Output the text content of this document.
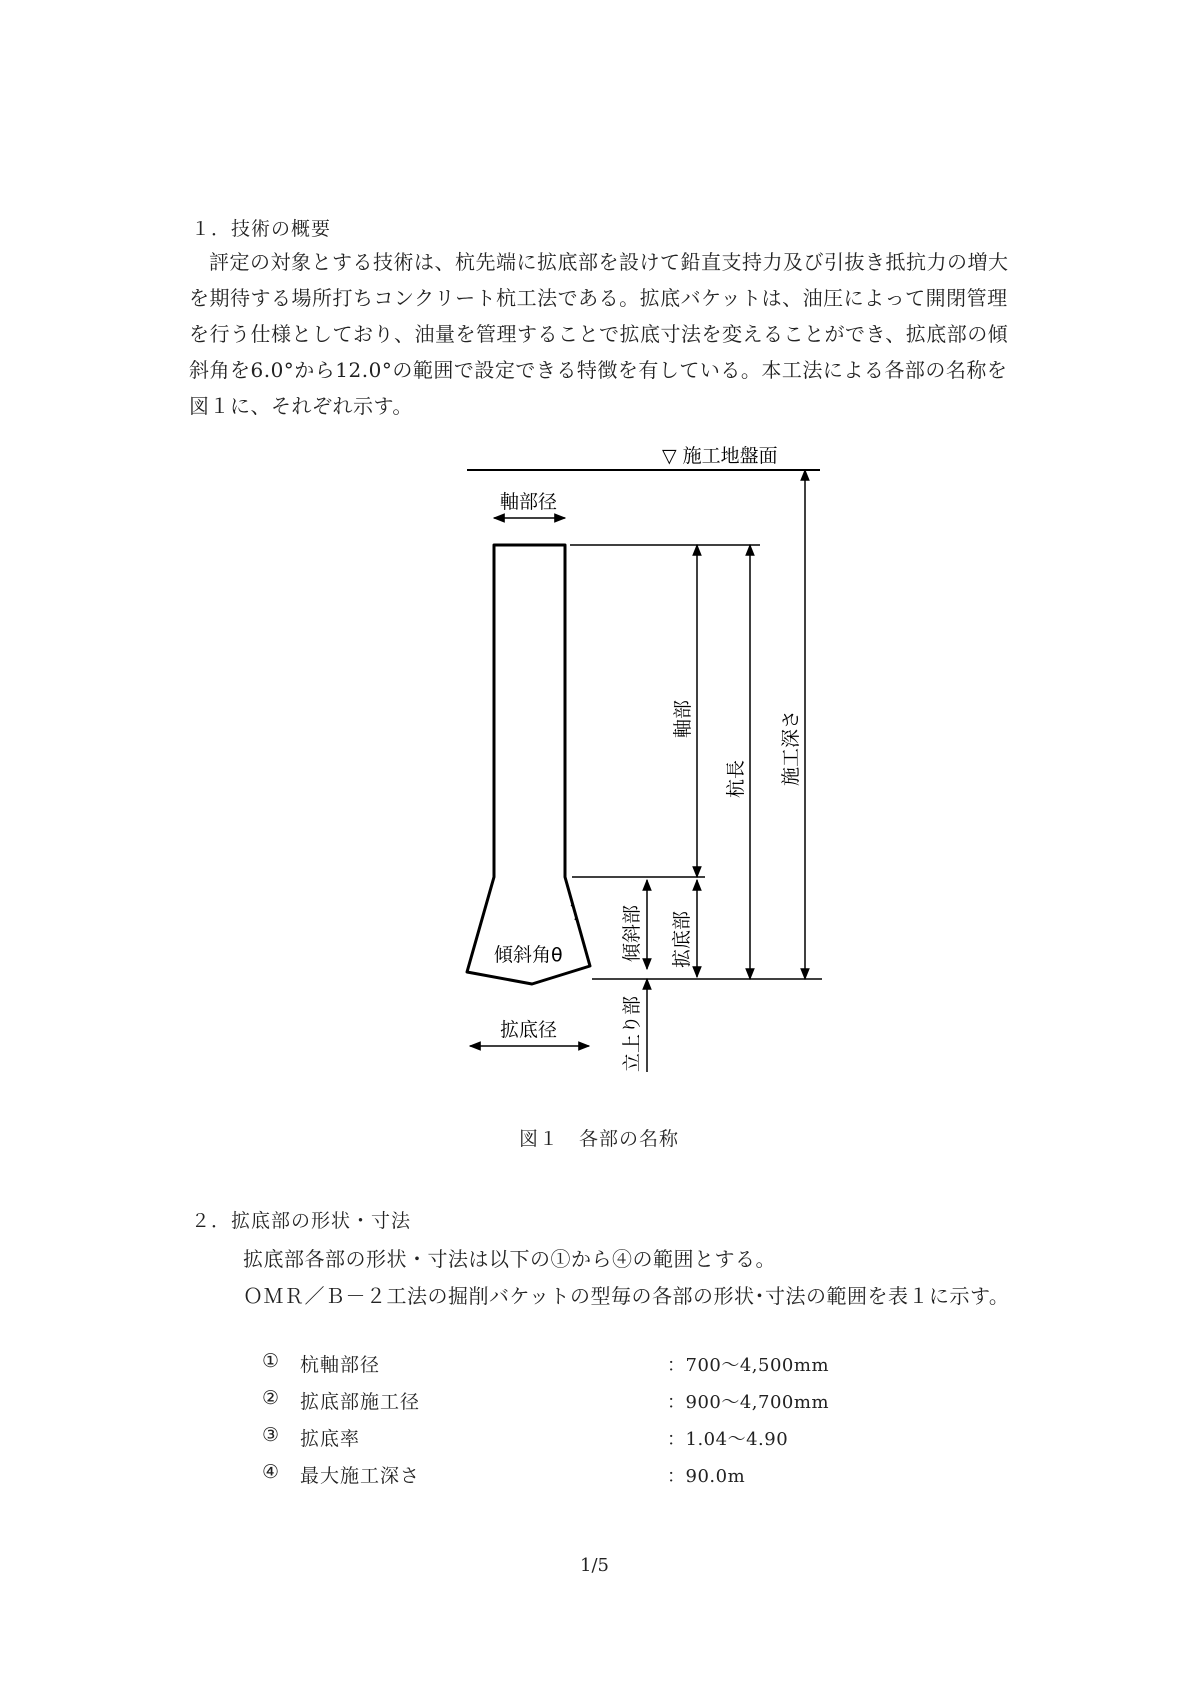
１．技術の概要
評定の対象とする技術は、杭先端に拡底部を設けて鉛直支持力及び引抜き抵抗力の増大を期待する場所打ちコンクリート杭工法である。拡底バケットは、油圧によって開閉管理を行う仕様としており、油量を管理することで拡底寸法を変えることができ、拡底部の傾斜角を6.0°から12.0°の範囲で設定できる特徴を有している。本工法による各部の名称を図１に、それぞれ示す。
▽ 施工地盤面
軸部径
軸部
杭長 施工深さ
傾斜部 拡底部
立上り部
傾斜角θ
拡底径
図１　各部の名称
２．拡底部の形状・寸法
拡底部各部の形状・寸法は以下の①から④の範囲とする。
ＯＭＲ／Ｂ－２工法の掘削バケットの型毎の各部の形状･寸法の範囲を表１に示す。
① 杭軸部径	：700～4,500mm
② 拡底部施工径	：900～4,700mm
③ 拡底率	：1.04～4.90
④ 最大施工深さ	：90.0m
1/5
